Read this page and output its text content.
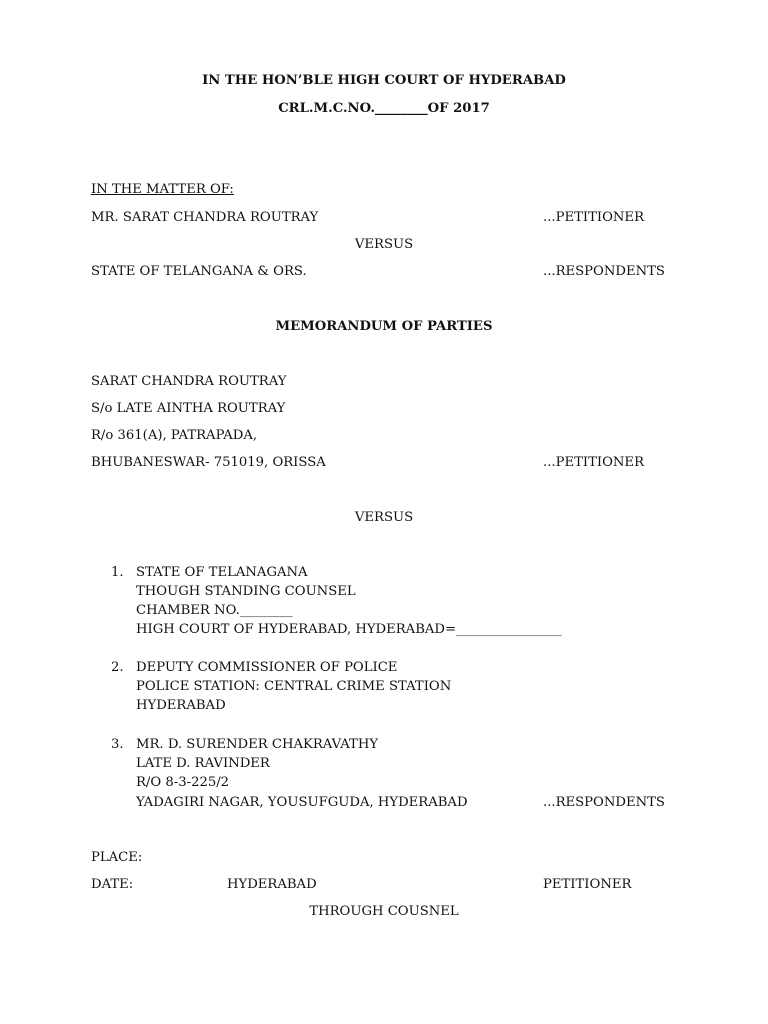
IN THE HON’BLE HIGH COURT OF HYDERABAD
CRL.M.C.NO.________OF 2017
IN THE MATTER OF:
MR. SARAT CHANDRA ROUTRAY	...PETITIONER
VERSUS
STATE OF TELANGANA & ORS.	...RESPONDENTS
MEMORANDUM OF PARTIES
SARAT CHANDRA ROUTRAY
S/o LATE AINTHA ROUTRAY
R/o 361(A), PATRAPADA,
BHUBANESWAR- 751019, ORISSA	...PETITIONER
VERSUS
1. STATE OF TELANAGANA
THOUGH STANDING COUNSEL
CHAMBER NO.________
HIGH COURT OF HYDERABAD, HYDERABAD=________________
2. DEPUTY COMMISSIONER OF POLICE
POLICE STATION: CENTRAL CRIME STATION
HYDERABAD
3. MR. D. SURENDER CHAKRAVATHY
LATE D. RAVINDER
R/O 8-3-225/2
YADAGIRI NAGAR, YOUSUFGUDA, HYDERABAD	...RESPONDENTS
PLACE:
DATE:	HYDERABAD	PETITIONER
THROUGH COUSNEL
